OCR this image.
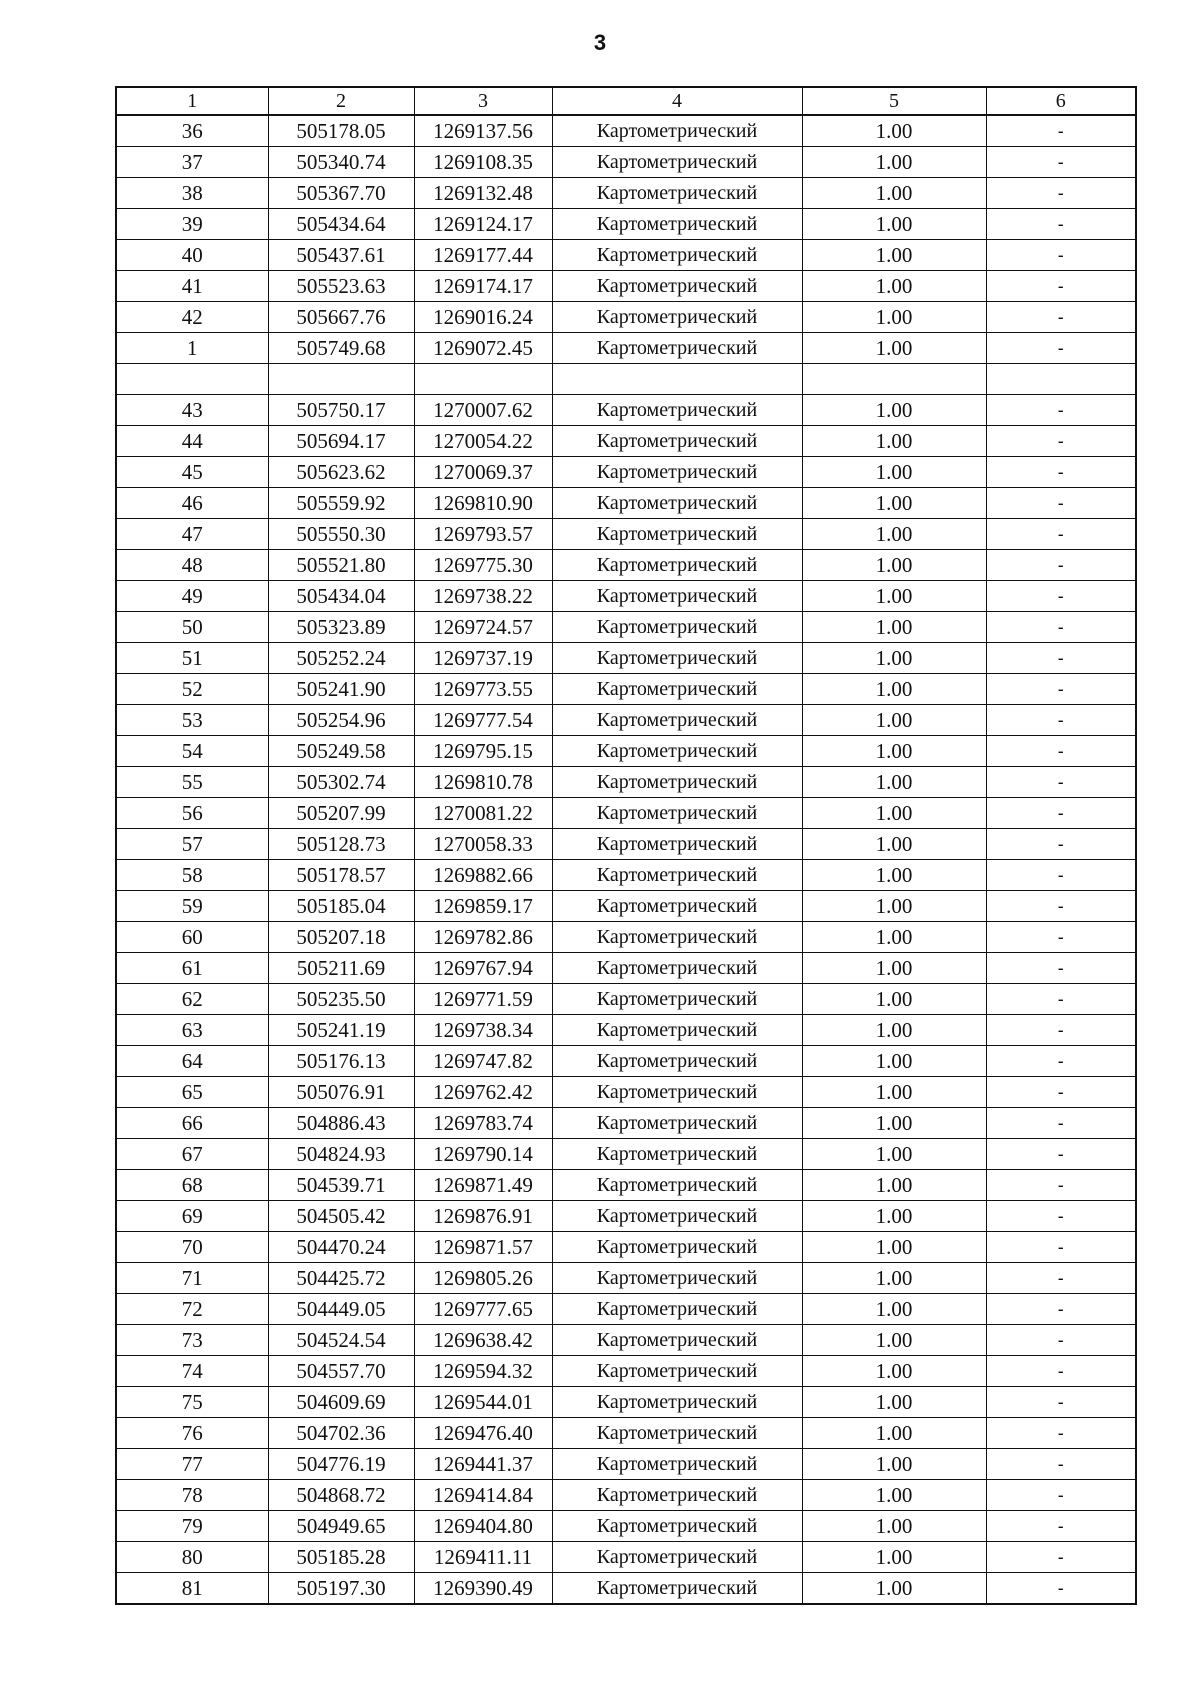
3
1	2	3	4	5	6
36	505178.05	1269137.56	Картометрический	1.00	-
37	505340.74	1269108.35	Картометрический	1.00	-
38	505367.70	1269132.48	Картометрический	1.00	-
39	505434.64	1269124.17	Картометрический	1.00	-
40	505437.61	1269177.44	Картометрический	1.00	-
41	505523.63	1269174.17	Картометрический	1.00	-
42	505667.76	1269016.24	Картометрический	1.00	-
1	505749.68	1269072.45	Картометрический	1.00	-

43	505750.17	1270007.62	Картометрический	1.00	-
44	505694.17	1270054.22	Картометрический	1.00	-
45	505623.62	1270069.37	Картометрический	1.00	-
46	505559.92	1269810.90	Картометрический	1.00	-
47	505550.30	1269793.57	Картометрический	1.00	-
48	505521.80	1269775.30	Картометрический	1.00	-
49	505434.04	1269738.22	Картометрический	1.00	-
50	505323.89	1269724.57	Картометрический	1.00	-
51	505252.24	1269737.19	Картометрический	1.00	-
52	505241.90	1269773.55	Картометрический	1.00	-
53	505254.96	1269777.54	Картометрический	1.00	-
54	505249.58	1269795.15	Картометрический	1.00	-
55	505302.74	1269810.78	Картометрический	1.00	-
56	505207.99	1270081.22	Картометрический	1.00	-
57	505128.73	1270058.33	Картометрический	1.00	-
58	505178.57	1269882.66	Картометрический	1.00	-
59	505185.04	1269859.17	Картометрический	1.00	-
60	505207.18	1269782.86	Картометрический	1.00	-
61	505211.69	1269767.94	Картометрический	1.00	-
62	505235.50	1269771.59	Картометрический	1.00	-
63	505241.19	1269738.34	Картометрический	1.00	-
64	505176.13	1269747.82	Картометрический	1.00	-
65	505076.91	1269762.42	Картометрический	1.00	-
66	504886.43	1269783.74	Картометрический	1.00	-
67	504824.93	1269790.14	Картометрический	1.00	-
68	504539.71	1269871.49	Картометрический	1.00	-
69	504505.42	1269876.91	Картометрический	1.00	-
70	504470.24	1269871.57	Картометрический	1.00	-
71	504425.72	1269805.26	Картометрический	1.00	-
72	504449.05	1269777.65	Картометрический	1.00	-
73	504524.54	1269638.42	Картометрический	1.00	-
74	504557.70	1269594.32	Картометрический	1.00	-
75	504609.69	1269544.01	Картометрический	1.00	-
76	504702.36	1269476.40	Картометрический	1.00	-
77	504776.19	1269441.37	Картометрический	1.00	-
78	504868.72	1269414.84	Картометрический	1.00	-
79	504949.65	1269404.80	Картометрический	1.00	-
80	505185.28	1269411.11	Картометрический	1.00	-
81	505197.30	1269390.49	Картометрический	1.00	-
